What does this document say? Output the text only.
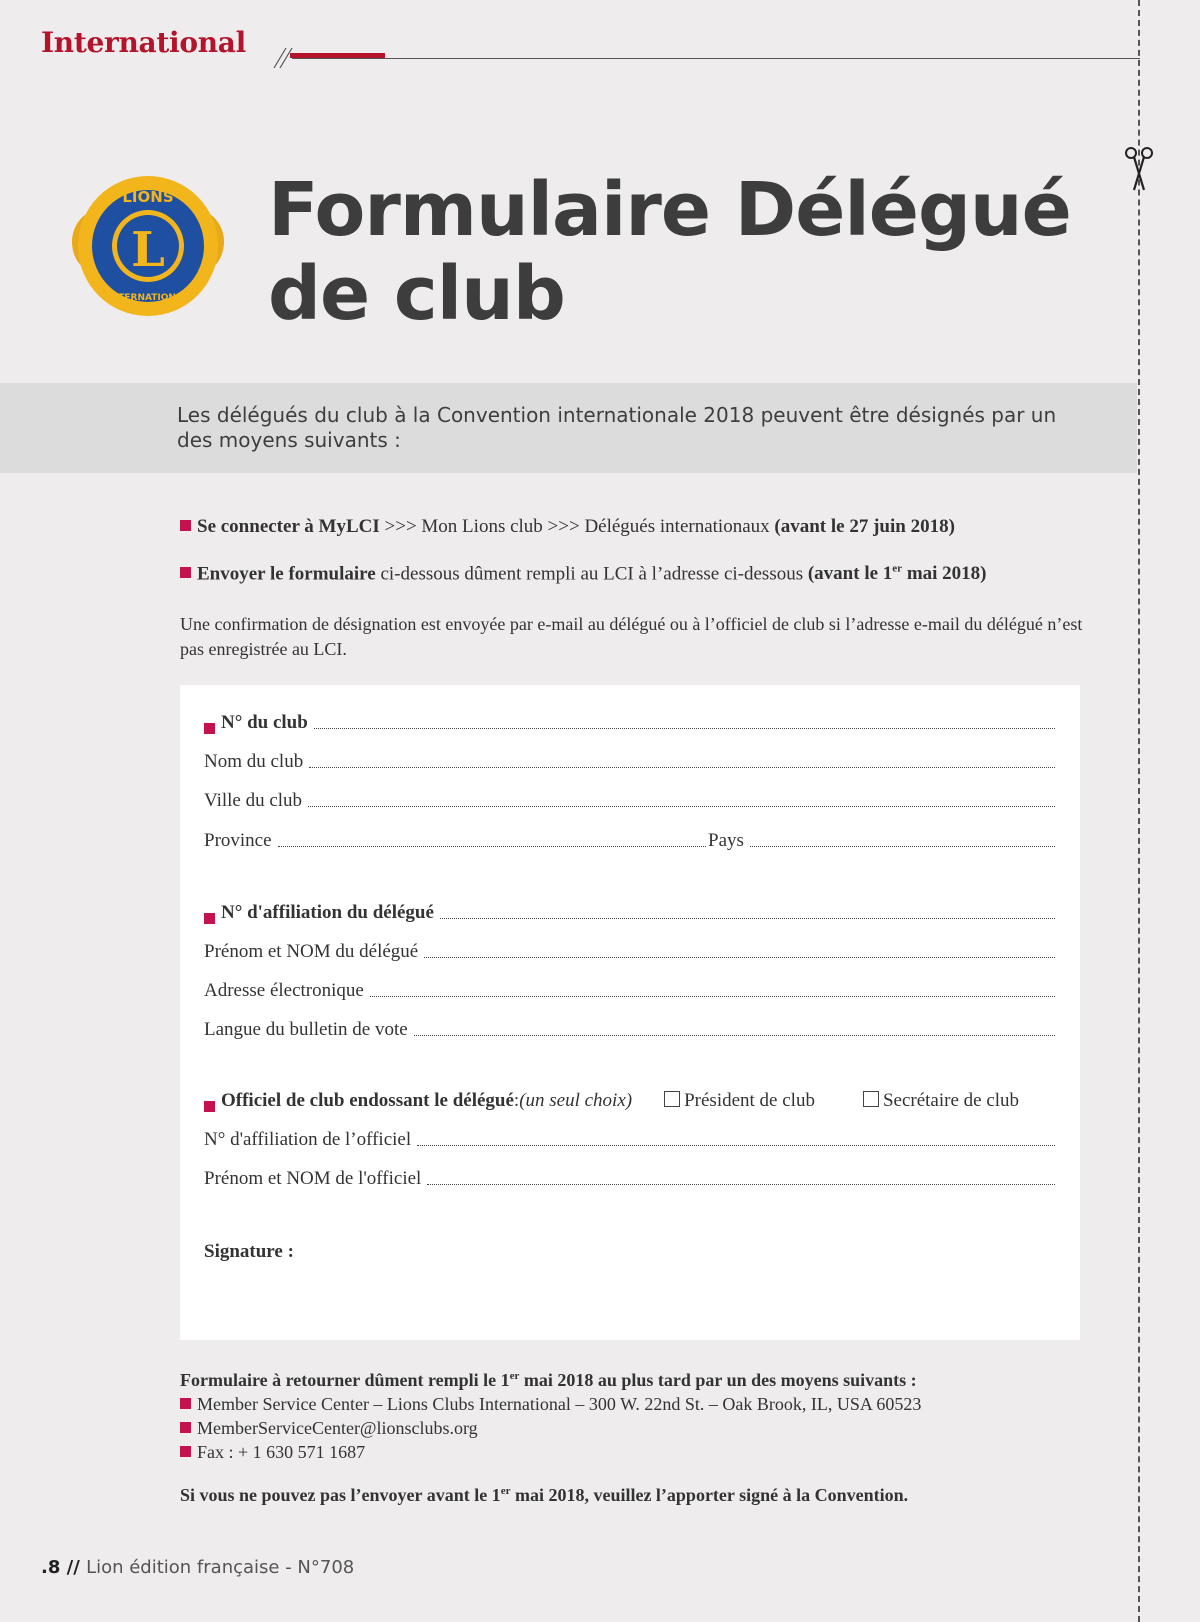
International
L
LIONS
INTERNATIONAL
Formulaire Délégué
de club

Les délégués du club à la Convention internationale 2018 peuvent être désignés par un des moyens suivants :

Se connecter à MyLCI >>> Mon Lions club >>> Délégués internationaux (avant le 27 juin 2018)
Envoyer le formulaire ci-dessous dûment rempli au LCI à l’adresse ci-dessous (avant le 1er mai 2018)

Une confirmation de désignation est envoyée par e-mail au délégué ou à l’officiel de club si l’adresse e-mail du délégué n’est pas enregistrée au LCI.

N° du club
Nom du club
Ville du club
Province	Pays
N° d'affiliation du délégué
Prénom et NOM du délégué
Adresse électronique
Langue du bulletin de vote
Officiel de club endossant le délégué : (un seul choix)	Président de club	Secrétaire de club
N° d'affiliation de l’officiel
Prénom et NOM de l'officiel
Signature :
Formulaire à retourner dûment rempli le 1er mai 2018 au plus tard par un des moyens suivants :
Member Service Center – Lions Clubs International – 300 W. 22nd St. – Oak Brook, IL, USA 60523
MemberServiceCenter@lionsclubs.org
Fax : + 1 630 571 1687
Si vous ne pouvez pas l’envoyer avant le 1er mai 2018, veuillez l’apporter signé à la Convention.
.8 // Lion édition française - N°708
